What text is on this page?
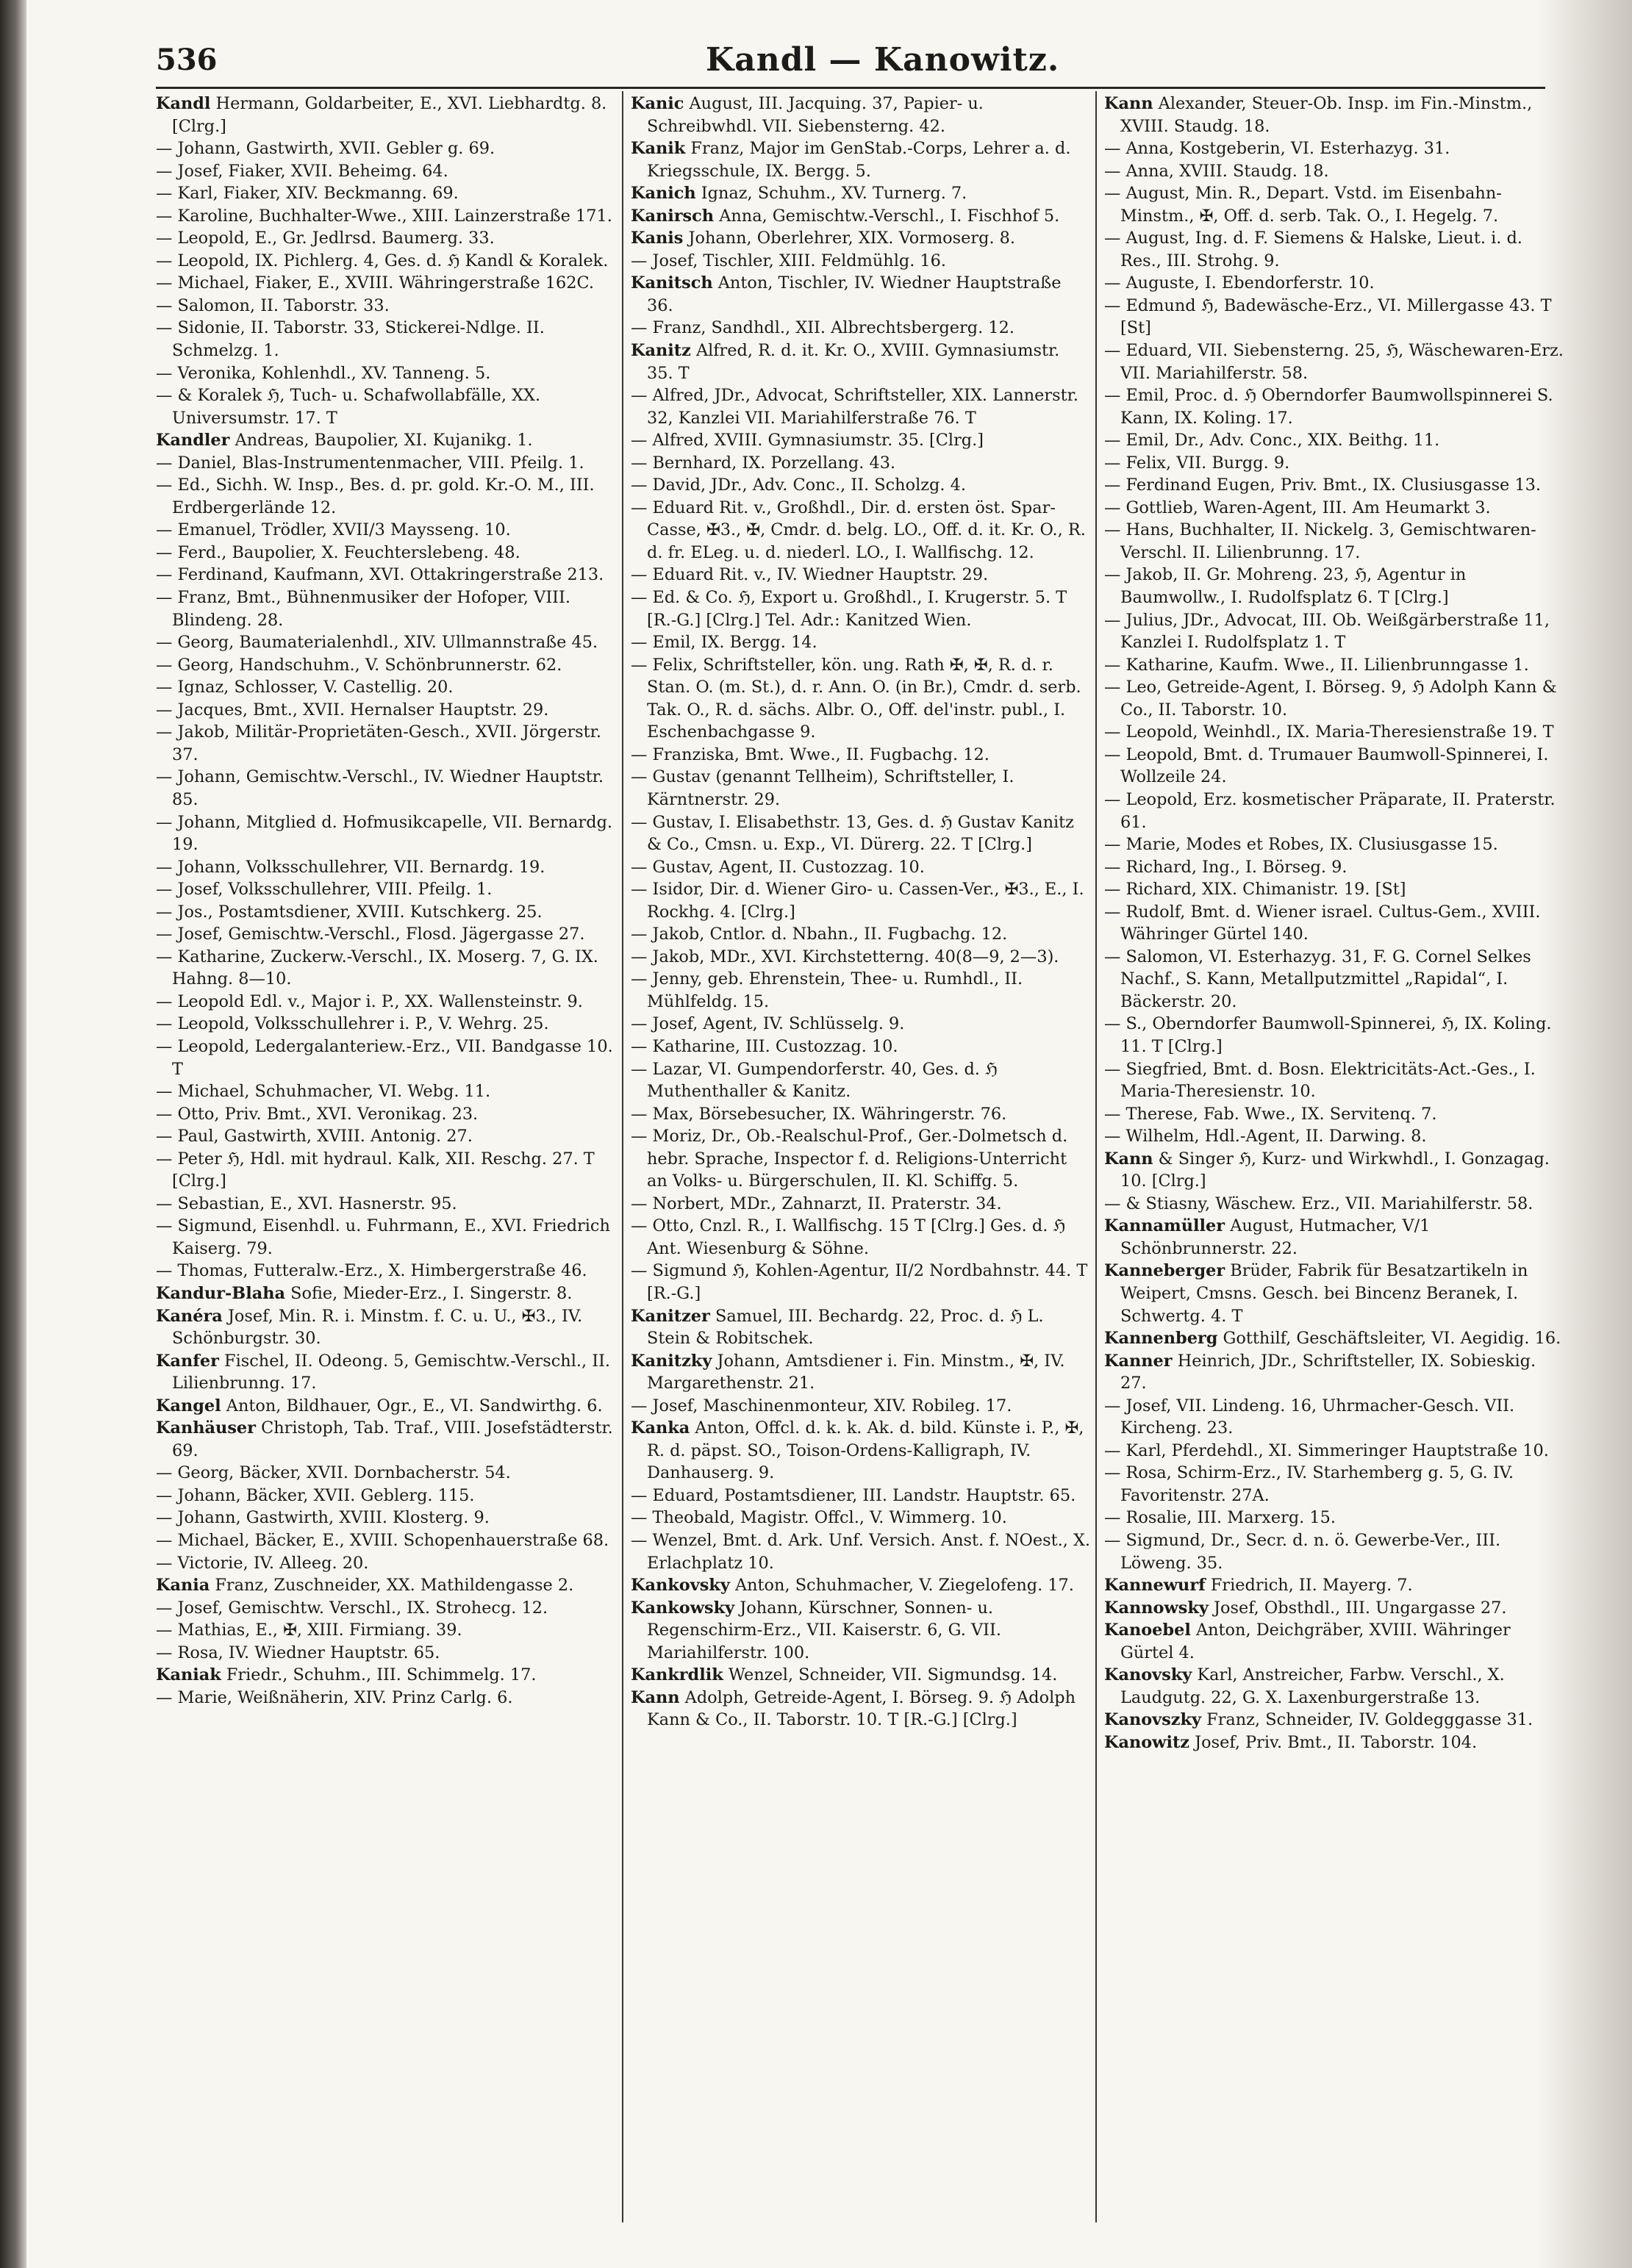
536	Kandl — Kanowitz.

Kandl Hermann, Goldarbeiter, E., XVI. Liebhardtg. 8. [Clrg.]

— Johann, Gastwirth, XVII. Gebler g. 69.

— Josef, Fiaker, XVII. Beheimg. 64.

— Karl, Fiaker, XIV. Beckmanng. 69.

— Karoline, Buchhalter-Wwe., XIII. Lainzerstraße 171.

— Leopold, E., Gr. Jedlrsd. Baumerg. 33.

— Leopold, IX. Pichlerg. 4, Ges. d. ℌ Kandl & Koralek.

— Michael, Fiaker, E., XVIII. Währingerstraße 162C.

— Salomon, II. Taborstr. 33.

— Sidonie, II. Taborstr. 33, Stickerei-Ndlge. II. Schmelzg. 1.

— Veronika, Kohlenhdl., XV. Tanneng. 5.

— & Koralek ℌ, Tuch- u. Schafwollabfälle, XX. Universumstr. 17. T

Kandler Andreas, Baupolier, XI. Kujanikg. 1.

— Daniel, Blas-Instrumentenmacher, VIII. Pfeilg. 1.

— Ed., Sichh. W. Insp., Bes. d. pr. gold. Kr.-O. M., III. Erdbergerlände 12.

— Emanuel, Trödler, XVII/3 Maysseng. 10.

— Ferd., Baupolier, X. Feuchterslebeng. 48.

— Ferdinand, Kaufmann, XVI. Ottakringerstraße 213.

— Franz, Bmt., Bühnenmusiker der Hofoper, VIII. Blindeng. 28.

— Georg, Baumaterialenhdl., XIV. Ullmannstraße 45.

— Georg, Handschuhm., V. Schönbrunnerstr. 62.

— Ignaz, Schlosser, V. Castellig. 20.

— Jacques, Bmt., XVII. Hernalser Hauptstr. 29.

— Jakob, Militär-Proprietäten-Gesch., XVII. Jörgerstr. 37.

— Johann, Gemischtw.-Verschl., IV. Wiedner Hauptstr. 85.

— Johann, Mitglied d. Hofmusikcapelle, VII. Bernardg. 19.

— Johann, Volksschullehrer, VII. Bernardg. 19.

— Josef, Volksschullehrer, VIII. Pfeilg. 1.

— Jos., Postamtsdiener, XVIII. Kutschkerg. 25.

— Josef, Gemischtw.-Verschl., Flosd. Jägergasse 27.

— Katharine, Zuckerw.-Verschl., IX. Moserg. 7, G. IX. Hahng. 8—10.

— Leopold Edl. v., Major i. P., XX. Wallensteinstr. 9.

— Leopold, Volksschullehrer i. P., V. Wehrg. 25.

— Leopold, Ledergalanteriew.-Erz., VII. Bandgasse 10. T

— Michael, Schuhmacher, VI. Webg. 11.

— Otto, Priv. Bmt., XVI. Veronikag. 23.

— Paul, Gastwirth, XVIII. Antonig. 27.

— Peter ℌ, Hdl. mit hydraul. Kalk, XII. Reschg. 27. T [Clrg.]

— Sebastian, E., XVI. Hasnerstr. 95.

— Sigmund, Eisenhdl. u. Fuhrmann, E., XVI. Friedrich Kaiserg. 79.

— Thomas, Futteralw.-Erz., X. Himbergerstraße 46.

Kandur-Blaha Sofie, Mieder-Erz., I. Singerstr. 8.

Kanéra Josef, Min. R. i. Minstm. f. C. u. U., ✠3., IV. Schönburgstr. 30.

Kanfer Fischel, II. Odeong. 5, Gemischtw.-Verschl., II. Lilienbrunng. 17.

Kangel Anton, Bildhauer, Ogr., E., VI. Sandwirthg. 6.

Kanhäuser Christoph, Tab. Traf., VIII. Josefstädterstr. 69.

— Georg, Bäcker, XVII. Dornbacherstr. 54.

— Johann, Bäcker, XVII. Geblerg. 115.

— Johann, Gastwirth, XVIII. Klosterg. 9.

— Michael, Bäcker, E., XVIII. Schopenhauerstraße 68.

— Victorie, IV. Alleeg. 20.

Kania Franz, Zuschneider, XX. Mathildengasse 2.

— Josef, Gemischtw. Verschl., IX. Strohecg. 12.

— Mathias, E., ✠, XIII. Firmiang. 39.

— Rosa, IV. Wiedner Hauptstr. 65.

Kaniak Friedr., Schuhm., III. Schimmelg. 17.

— Marie, Weißnäherin, XIV. Prinz Carlg. 6.

Kanic August, III. Jacquing. 37, Papier- u. Schreibwhdl. VII. Siebensterng. 42.

Kanik Franz, Major im GenStab.-Corps, Lehrer a. d. Kriegsschule, IX. Bergg. 5.

Kanich Ignaz, Schuhm., XV. Turnerg. 7.

Kanirsch Anna, Gemischtw.-Verschl., I. Fischhof 5.

Kanis Johann, Oberlehrer, XIX. Vormoserg. 8.

— Josef, Tischler, XIII. Feldmühlg. 16.

Kanitsch Anton, Tischler, IV. Wiedner Hauptstraße 36.

— Franz, Sandhdl., XII. Albrechtsbergerg. 12.

Kanitz Alfred, R. d. it. Kr. O., XVIII. Gymnasiumstr. 35. T

— Alfred, JDr., Advocat, Schriftsteller, XIX. Lannerstr. 32, Kanzlei VII. Mariahilferstraße 76. T

— Alfred, XVIII. Gymnasiumstr. 35. [Clrg.]

— Bernhard, IX. Porzellang. 43.

— David, JDr., Adv. Conc., II. Scholzg. 4.

— Eduard Rit. v., Großhdl., Dir. d. ersten öst. Spar-Casse, ✠3., ✠, Cmdr. d. belg. LO., Off. d. it. Kr. O., R. d. fr. ELeg. u. d. niederl. LO., I. Wallfischg. 12.

— Eduard Rit. v., IV. Wiedner Hauptstr. 29.

— Ed. & Co. ℌ, Export u. Großhdl., I. Krugerstr. 5. T [R.-G.] [Clrg.] Tel. Adr.: Kanitzed Wien.

— Emil, IX. Bergg. 14.

— Felix, Schriftsteller, kön. ung. Rath ✠, ✠, R. d. r. Stan. O. (m. St.), d. r. Ann. O. (in Br.), Cmdr. d. serb. Tak. O., R. d. sächs. Albr. O., Off. del'instr. publ., I. Eschenbachgasse 9.

— Franziska, Bmt. Wwe., II. Fugbachg. 12.

— Gustav (genannt Tellheim), Schriftsteller, I. Kärntnerstr. 29.

— Gustav, I. Elisabethstr. 13, Ges. d. ℌ Gustav Kanitz & Co., Cmsn. u. Exp., VI. Dürerg. 22. T [Clrg.]

— Gustav, Agent, II. Custozzag. 10.

— Isidor, Dir. d. Wiener Giro- u. Cassen-Ver., ✠3., E., I. Rockhg. 4. [Clrg.]

— Jakob, Cntlor. d. Nbahn., II. Fugbachg. 12.

— Jakob, MDr., XVI. Kirchstetterng. 40(8—9, 2—3).

— Jenny, geb. Ehrenstein, Thee- u. Rumhdl., II. Mühlfeldg. 15.

— Josef, Agent, IV. Schlüsselg. 9.

— Katharine, III. Custozzag. 10.

— Lazar, VI. Gumpendorferstr. 40, Ges. d. ℌ Muthenthaller & Kanitz.

— Max, Börsebesucher, IX. Währingerstr. 76.

— Moriz, Dr., Ob.-Realschul-Prof., Ger.-Dolmetsch d. hebr. Sprache, Inspector f. d. Religions-Unterricht an Volks- u. Bürgerschulen, II. Kl. Schiffg. 5.

— Norbert, MDr., Zahnarzt, II. Praterstr. 34.

— Otto, Cnzl. R., I. Wallfischg. 15 T [Clrg.] Ges. d. ℌ Ant. Wiesenburg & Söhne.

— Sigmund ℌ, Kohlen-Agentur, II/2 Nordbahnstr. 44. T [R.-G.]

Kanitzer Samuel, III. Bechardg. 22, Proc. d. ℌ L. Stein & Robitschek.

Kanitzky Johann, Amtsdiener i. Fin. Minstm., ✠, IV. Margarethenstr. 21.

— Josef, Maschinenmonteur, XIV. Robileg. 17.

Kanka Anton, Offcl. d. k. k. Ak. d. bild. Künste i. P., ✠, R. d. päpst. SO., Toison-Ordens-Kalligraph, IV. Danhauserg. 9.

— Eduard, Postamtsdiener, III. Landstr. Hauptstr. 65.

— Theobald, Magistr. Offcl., V. Wimmerg. 10.

— Wenzel, Bmt. d. Ark. Unf. Versich. Anst. f. NOest., X. Erlachplatz 10.

Kankovsky Anton, Schuhmacher, V. Ziegelofeng. 17.

Kankowsky Johann, Kürschner, Sonnen- u. Regenschirm-Erz., VII. Kaiserstr. 6, G. VII. Mariahilferstr. 100.

Kankrdlik Wenzel, Schneider, VII. Sigmundsg. 14.

Kann Adolph, Getreide-Agent, I. Börseg. 9. ℌ Adolph Kann & Co., II. Taborstr. 10. T [R.-G.] [Clrg.]

Kann Alexander, Steuer-Ob. Insp. im Fin.-Minstm., XVIII. Staudg. 18.

— Anna, Kostgeberin, VI. Esterhazyg. 31.

— Anna, XVIII. Staudg. 18.

— August, Min. R., Depart. Vstd. im Eisenbahn-Minstm., ✠, Off. d. serb. Tak. O., I. Hegelg. 7.

— August, Ing. d. F. Siemens & Halske, Lieut. i. d. Res., III. Strohg. 9.

— Auguste, I. Ebendorferstr. 10.

— Edmund ℌ, Badewäsche-Erz., VI. Millergasse 43. T [St]

— Eduard, VII. Siebensterng. 25, ℌ, Wäschewaren-Erz. VII. Mariahilferstr. 58.

— Emil, Proc. d. ℌ Oberndorfer Baumwollspinnerei S. Kann, IX. Koling. 17.

— Emil, Dr., Adv. Conc., XIX. Beithg. 11.

— Felix, VII. Burgg. 9.

— Ferdinand Eugen, Priv. Bmt., IX. Clusiusgasse 13.

— Gottlieb, Waren-Agent, III. Am Heumarkt 3.

— Hans, Buchhalter, II. Nickelg. 3, Gemischtwaren-Verschl. II. Lilienbrunng. 17.

— Jakob, II. Gr. Mohreng. 23, ℌ, Agentur in Baumwollw., I. Rudolfsplatz 6. T [Clrg.]

— Julius, JDr., Advocat, III. Ob. Weißgärberstraße 11, Kanzlei I. Rudolfsplatz 1. T

— Katharine, Kaufm. Wwe., II. Lilienbrunngasse 1.

— Leo, Getreide-Agent, I. Börseg. 9, ℌ Adolph Kann & Co., II. Taborstr. 10.

— Leopold, Weinhdl., IX. Maria-Theresienstraße 19. T

— Leopold, Bmt. d. Trumauer Baumwoll-Spinnerei, I. Wollzeile 24.

— Leopold, Erz. kosmetischer Präparate, II. Praterstr. 61.

— Marie, Modes et Robes, IX. Clusiusgasse 15.

— Richard, Ing., I. Börseg. 9.

— Richard, XIX. Chimanistr. 19. [St]

— Rudolf, Bmt. d. Wiener israel. Cultus-Gem., XVIII. Währinger Gürtel 140.

— Salomon, VI. Esterhazyg. 31, F. G. Cornel Selkes Nachf., S. Kann, Metallputzmittel „Rapidal“, I. Bäckerstr. 20.

— S., Oberndorfer Baumwoll-Spinnerei, ℌ, IX. Koling. 11. T [Clrg.]

— Siegfried, Bmt. d. Bosn. Elektricitäts-Act.-Ges., I. Maria-Theresienstr. 10.

— Therese, Fab. Wwe., IX. Servitenq. 7.

— Wilhelm, Hdl.-Agent, II. Darwing. 8.

Kann & Singer ℌ, Kurz- und Wirkwhdl., I. Gonzagag. 10. [Clrg.]

— & Stiasny, Wäschew. Erz., VII. Mariahilferstr. 58.

Kannamüller August, Hutmacher, V/1 Schönbrunnerstr. 22.

Kanneberger Brüder, Fabrik für Besatzartikeln in Weipert, Cmsns. Gesch. bei Bincenz Beranek, I. Schwertg. 4. T

Kannenberg Gotthilf, Geschäftsleiter, VI. Aegidig. 16.

Kanner Heinrich, JDr., Schriftsteller, IX. Sobieskig. 27.

— Josef, VII. Lindeng. 16, Uhrmacher-Gesch. VII. Kircheng. 23.

— Karl, Pferdehdl., XI. Simmeringer Hauptstraße 10.

— Rosa, Schirm-Erz., IV. Starhemberg g. 5, G. IV. Favoritenstr. 27A.

— Rosalie, III. Marxerg. 15.

— Sigmund, Dr., Secr. d. n. ö. Gewerbe-Ver., III. Löweng. 35.

Kannewurf Friedrich, II. Mayerg. 7.

Kannowsky Josef, Obsthdl., III. Ungargasse 27.

Kanoebel Anton, Deichgräber, XVIII. Währinger Gürtel 4.

Kanovsky Karl, Anstreicher, Farbw. Verschl., X. Laudgutg. 22, G. X. Laxenburgerstraße 13.

Kanovszky Franz, Schneider, IV. Goldegggasse 31.

Kanowitz Josef, Priv. Bmt., II. Taborstr. 104.
